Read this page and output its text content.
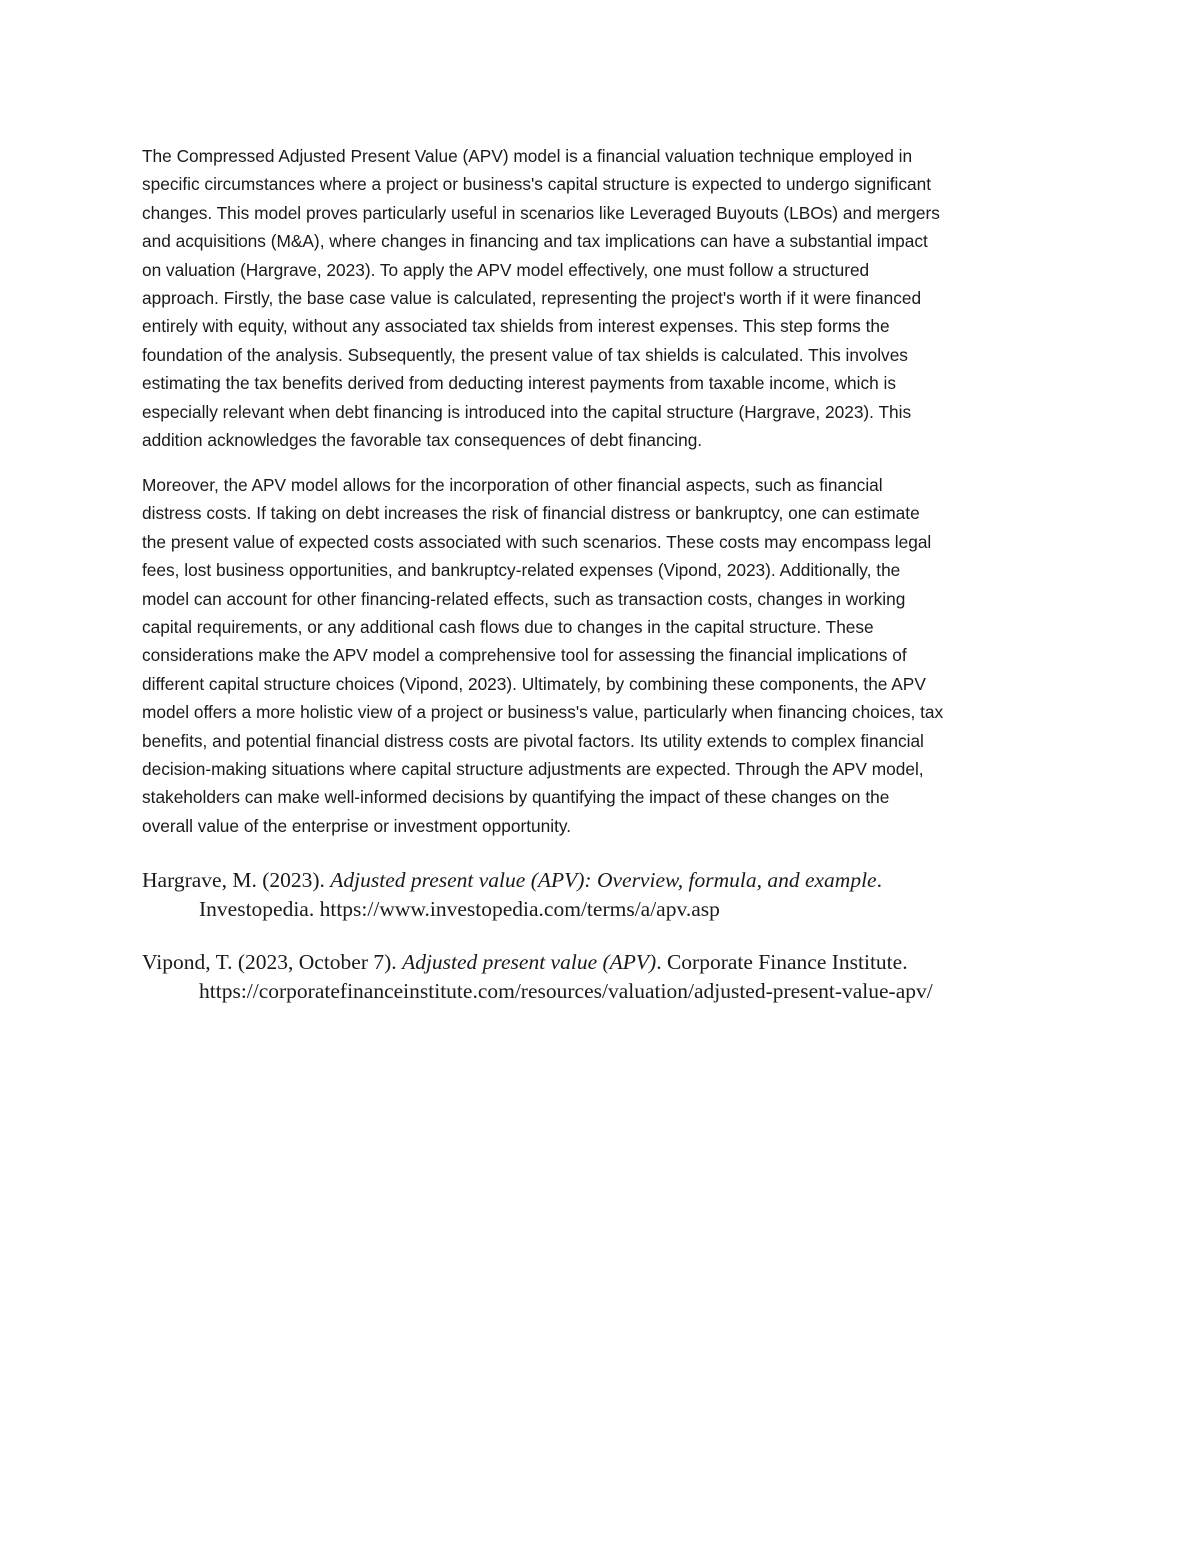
The Compressed Adjusted Present Value (APV) model is a financial valuation technique employed in
specific circumstances where a project or business's capital structure is expected to undergo significant
changes. This model proves particularly useful in scenarios like Leveraged Buyouts (LBOs) and mergers
and acquisitions (M&A), where changes in financing and tax implications can have a substantial impact
on valuation (Hargrave, 2023). To apply the APV model effectively, one must follow a structured
approach. Firstly, the base case value is calculated, representing the project's worth if it were financed
entirely with equity, without any associated tax shields from interest expenses. This step forms the
foundation of the analysis. Subsequently, the present value of tax shields is calculated. This involves
estimating the tax benefits derived from deducting interest payments from taxable income, which is
especially relevant when debt financing is introduced into the capital structure (Hargrave, 2023). This
addition acknowledges the favorable tax consequences of debt financing.

Moreover, the APV model allows for the incorporation of other financial aspects, such as financial
distress costs. If taking on debt increases the risk of financial distress or bankruptcy, one can estimate
the present value of expected costs associated with such scenarios. These costs may encompass legal
fees, lost business opportunities, and bankruptcy-related expenses (Vipond, 2023). Additionally, the
model can account for other financing-related effects, such as transaction costs, changes in working
capital requirements, or any additional cash flows due to changes in the capital structure. These
considerations make the APV model a comprehensive tool for assessing the financial implications of
different capital structure choices (Vipond, 2023). Ultimately, by combining these components, the APV
model offers a more holistic view of a project or business's value, particularly when financing choices, tax
benefits, and potential financial distress costs are pivotal factors. Its utility extends to complex financial
decision-making situations where capital structure adjustments are expected. Through the APV model,
stakeholders can make well-informed decisions by quantifying the impact of these changes on the
overall value of the enterprise or investment opportunity.

Hargrave, M. (2023). Adjusted present value (APV): Overview, formula, and example.
Investopedia. https://www.investopedia.com/terms/a/apv.asp

Vipond, T. (2023, October 7). Adjusted present value (APV). Corporate Finance Institute.
https://corporatefinanceinstitute.com/resources/valuation/adjusted-present-value-apv/
